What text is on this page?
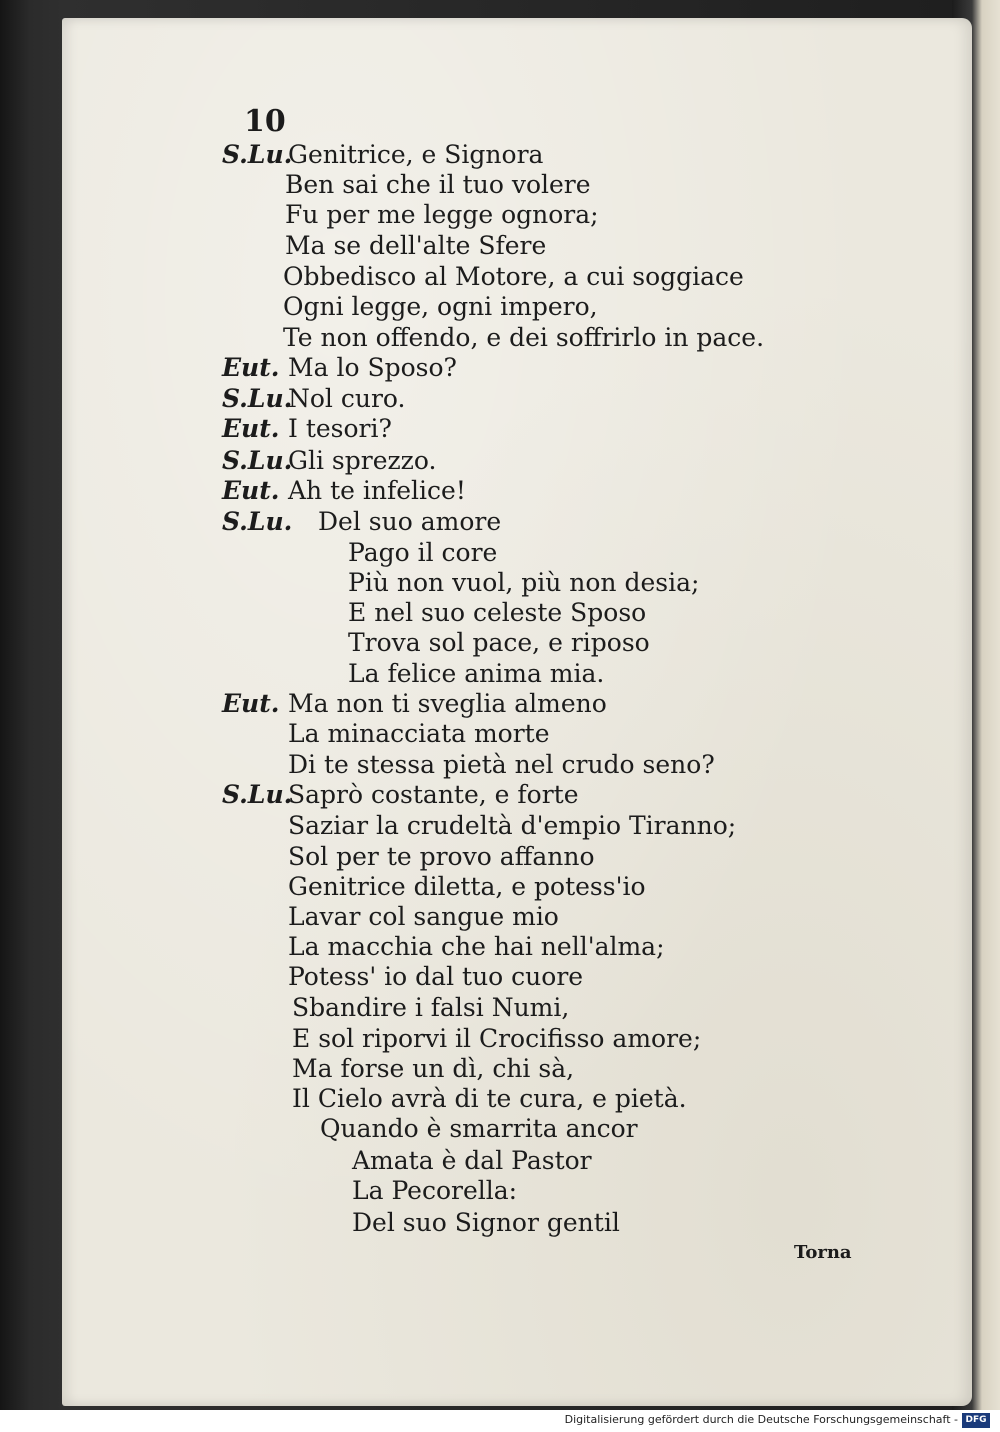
10
S.Lu.
Genitrice, e Signora
Ben sai che il tuo volere
Fu per me legge ognora;
Ma se dell'alte Sfere
Obbedisco al Motore, a cui soggiace
Ogni legge, ogni impero,
Te non offendo, e dei soffrirlo in pace.
Eut. Ma lo Sposo?
S.Lu.
Nol curo.
Eut. I tesori?
S.Lu.
Gli sprezzo.
Eut. Ah te infelice!
S.Lu. Del suo amore
Pago il core
Più non vuol, più non desia;
E nel suo celeste Sposo
Trova sol pace, e riposo
La felice anima mia.
Eut. Ma non ti sveglia almeno
La minacciata morte
Di te stessa pietà nel crudo seno?
S.Lu.
Saprò costante, e forte
Saziar la crudeltà d'empio Tiranno;
Sol per te provo affanno
Genitrice diletta, e potess'io
Lavar col sangue mio
La macchia che hai nell'alma;
Potess' io dal tuo cuore
Sbandire i falsi Numi,
E sol riporvi il Crocifisso amore;
Ma forse un dì, chi sà,
Il Cielo avrà di te cura, e pietà.
Quando è smarrita ancor
Amata è dal Pastor
La Pecorella:
Del suo Signor gentil
Torna
Digitalisierung gefördert durch die Deutsche Forschungsgemeinschaft - DFG
